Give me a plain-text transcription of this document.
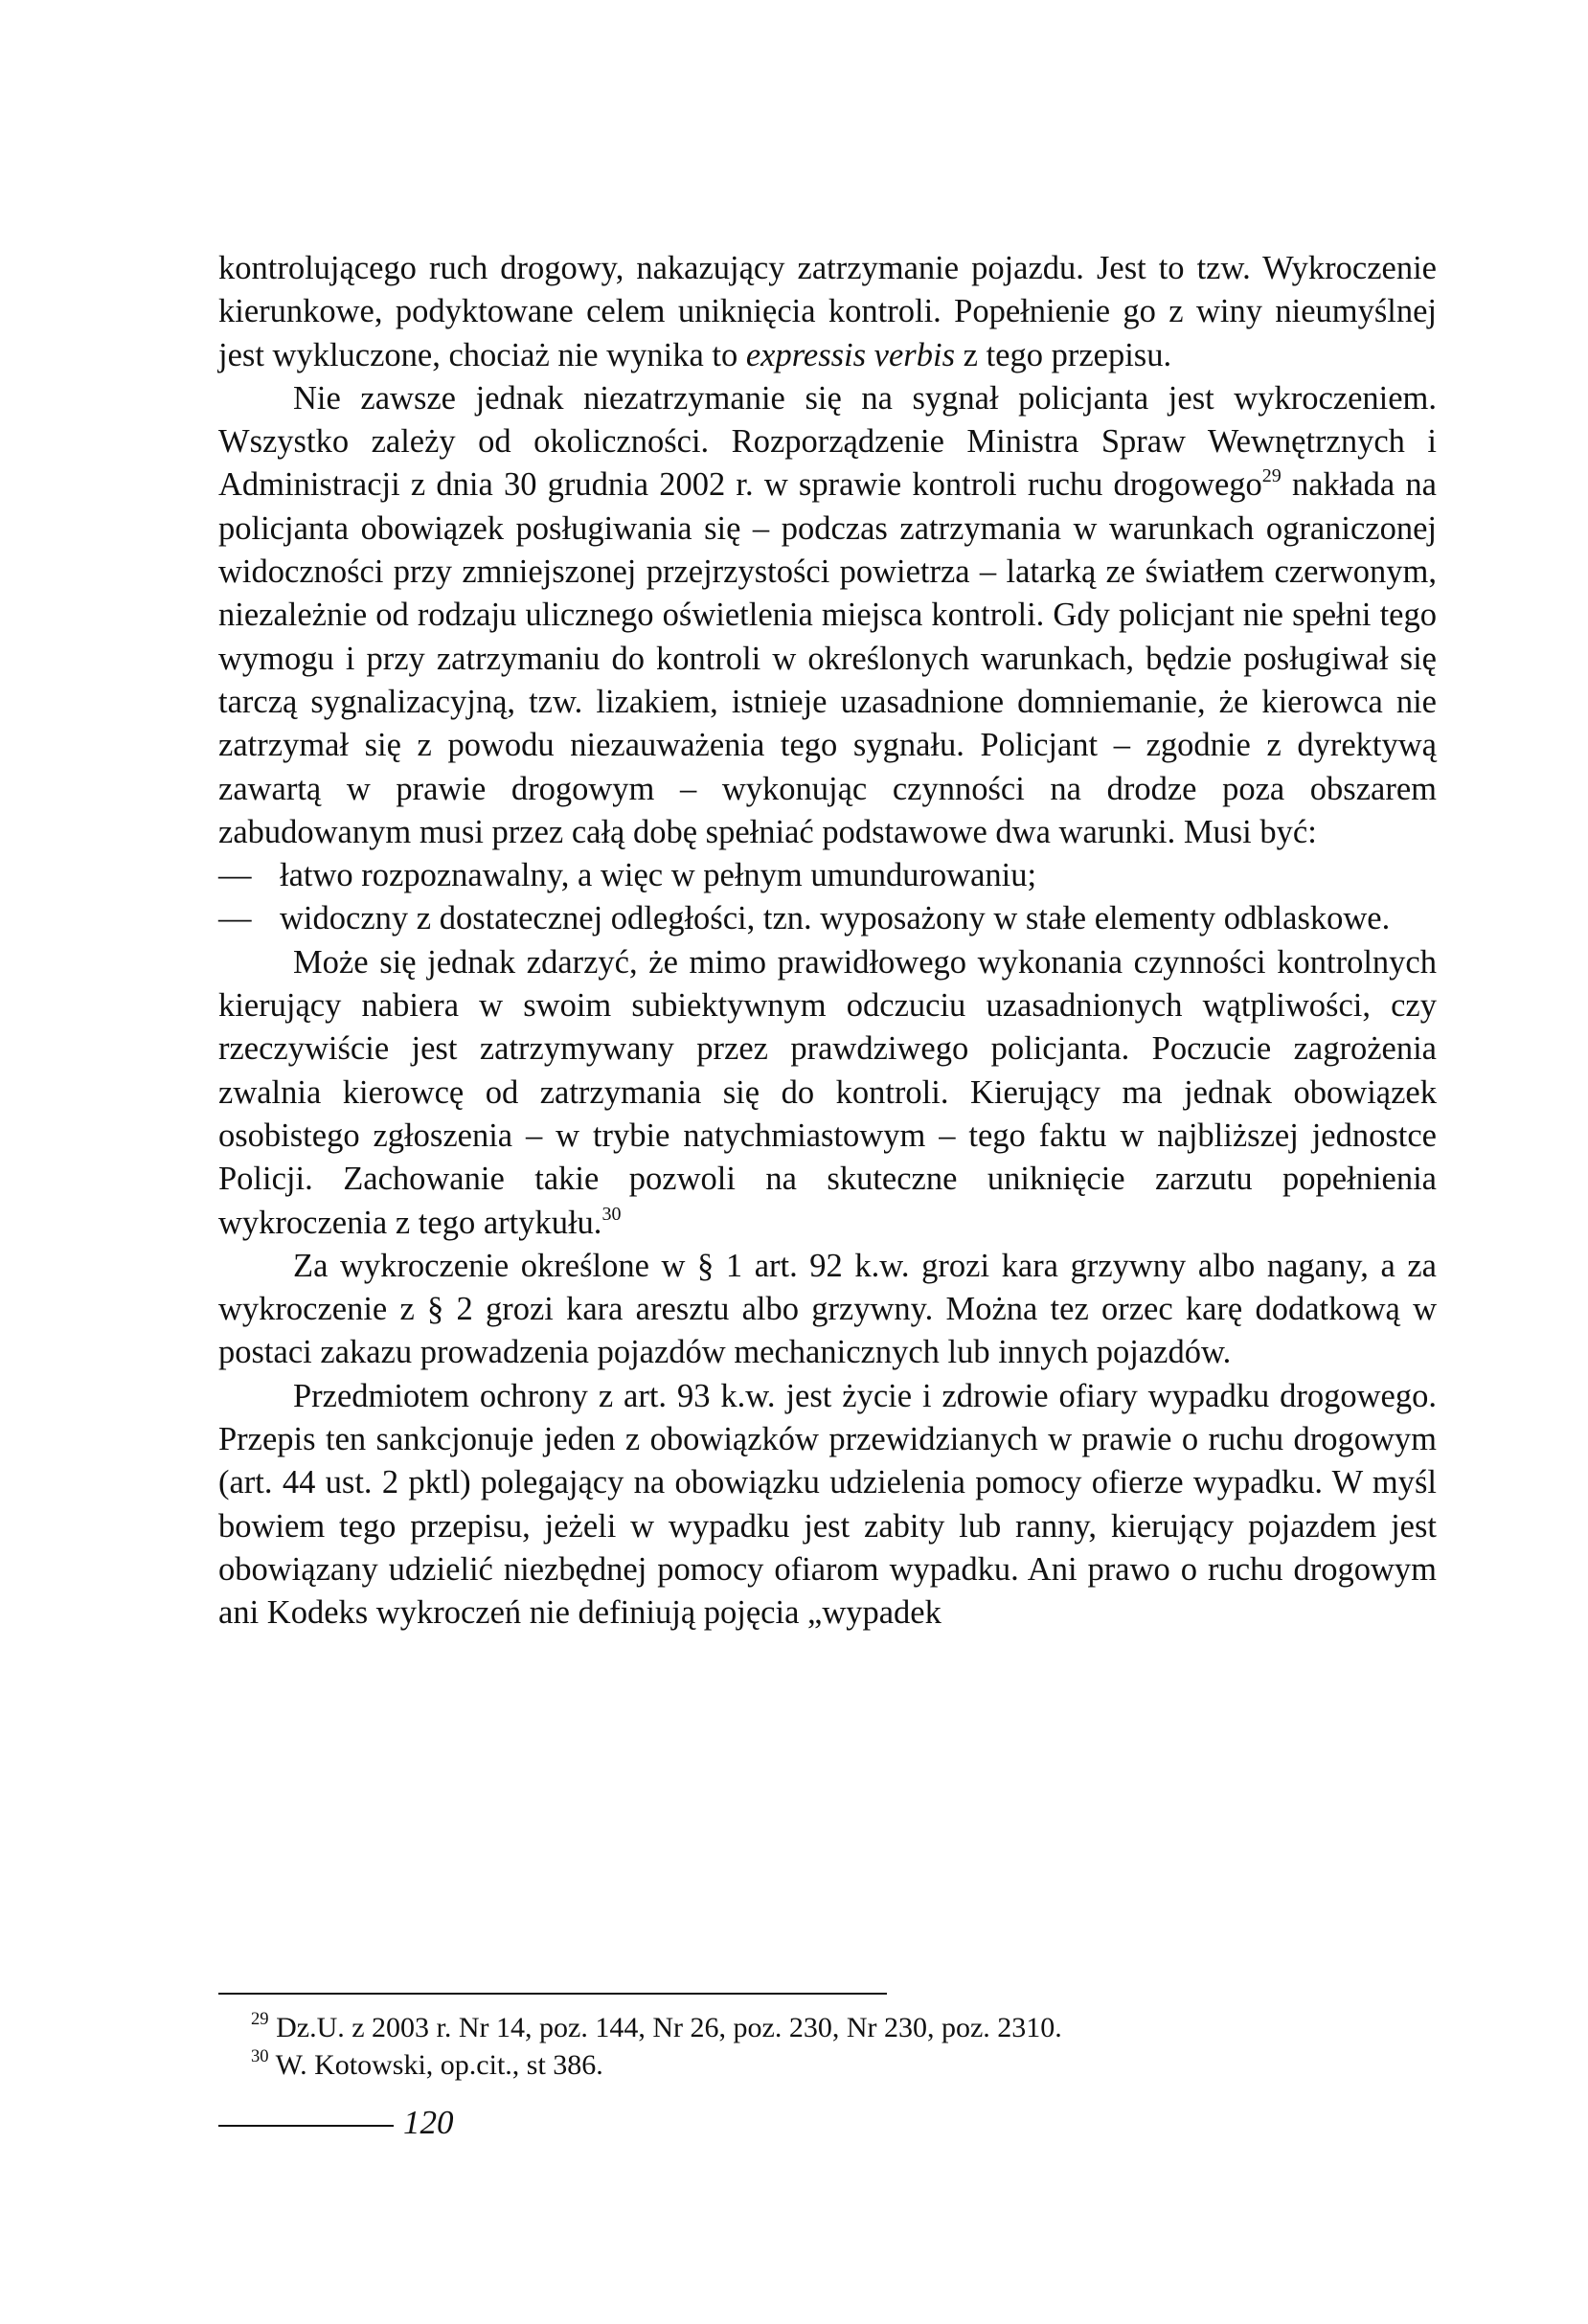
kontrolującego ruch drogowy, nakazujący zatrzymanie pojazdu. Jest to tzw. Wykroczenie kierunkowe, podyktowane celem uniknięcia kontroli. Popełnienie go z winy nieumyślnej jest wykluczone, chociaż nie wynika to expressis verbis z tego przepisu.

Nie zawsze jednak niezatrzymanie się na sygnał policjanta jest wykroczeniem. Wszystko zależy od okoliczności. Rozporządzenie Ministra Spraw Wewnętrznych i Administracji z dnia 30 grudnia 2002 r. w sprawie kontroli ruchu drogowego$^{29}$ nakłada na policjanta obowiązek posługiwania się – podczas zatrzymania w warunkach ograniczonej widoczności przy zmniejszonej przejrzystości powietrza – latarką ze światłem czerwonym, niezależnie od rodzaju ulicznego oświetlenia miejsca kontroli. Gdy policjant nie spełni tego wymogu i przy zatrzymaniu do kontroli w określonych warunkach, będzie posługiwał się tarczą sygnalizacyjną, tzw. lizakiem, istnieje uzasadnione domniemanie, że kierowca nie zatrzymał się z powodu niezauważenia tego sygnału. Policjant – zgodnie z dyrektywą zawartą w prawie drogowym – wykonując czynności na drodze poza obszarem zabudowanym musi przez całą dobę spełniać podstawowe dwa warunki. Musi być:

— łatwo rozpoznawalny, a więc w pełnym umundurowaniu;

— widoczny z dostatecznej odległości, tzn. wyposażony w stałe elementy odblaskowe.

Może się jednak zdarzyć, że mimo prawidłowego wykonania czynności kontrolnych kierujący nabiera w swoim subiektywnym odczuciu uzasadnionych wątpliwości, czy rzeczywiście jest zatrzymywany przez prawdziwego policjanta. Poczucie zagrożenia zwalnia kierowcę od zatrzymania się do kontroli. Kierujący ma jednak obowiązek osobistego zgłoszenia – w trybie natychmiastowym – tego faktu w najbliższej jednostce Policji. Zachowanie takie pozwoli na skuteczne uniknięcie zarzutu popełnienia wykroczenia z tego artykułu.$^{30}$

Za wykroczenie określone w § 1 art. 92 k.w. grozi kara grzywny albo nagany, a za wykroczenie z § 2 grozi kara aresztu albo grzywny. Można tez orzec karę dodatkową w postaci zakazu prowadzenia pojazdów mechanicznych lub innych pojazdów.

Przedmiotem ochrony z art. 93 k.w. jest życie i zdrowie ofiary wypadku drogowego. Przepis ten sankcjonuje jeden z obowiązków przewidzianych w prawie o ruchu drogowym (art. 44 ust. 2 pktl) polegający na obowiązku udzielenia pomocy ofierze wypadku. W myśl bowiem tego przepisu, jeżeli w wypadku jest zabity lub ranny, kierujący pojazdem jest obowiązany udzielić niezbędnej pomocy ofiarom wypadku. Ani prawo o ruchu drogowym ani Kodeks wykroczeń nie definiują pojęcia „wypadek

$^{29}$ Dz.U. z 2003 r. Nr 14, poz. 144, Nr 26, poz. 230, Nr 230, poz. 2310.

$^{30}$ W. Kotowski, op.cit., st 386.

120
